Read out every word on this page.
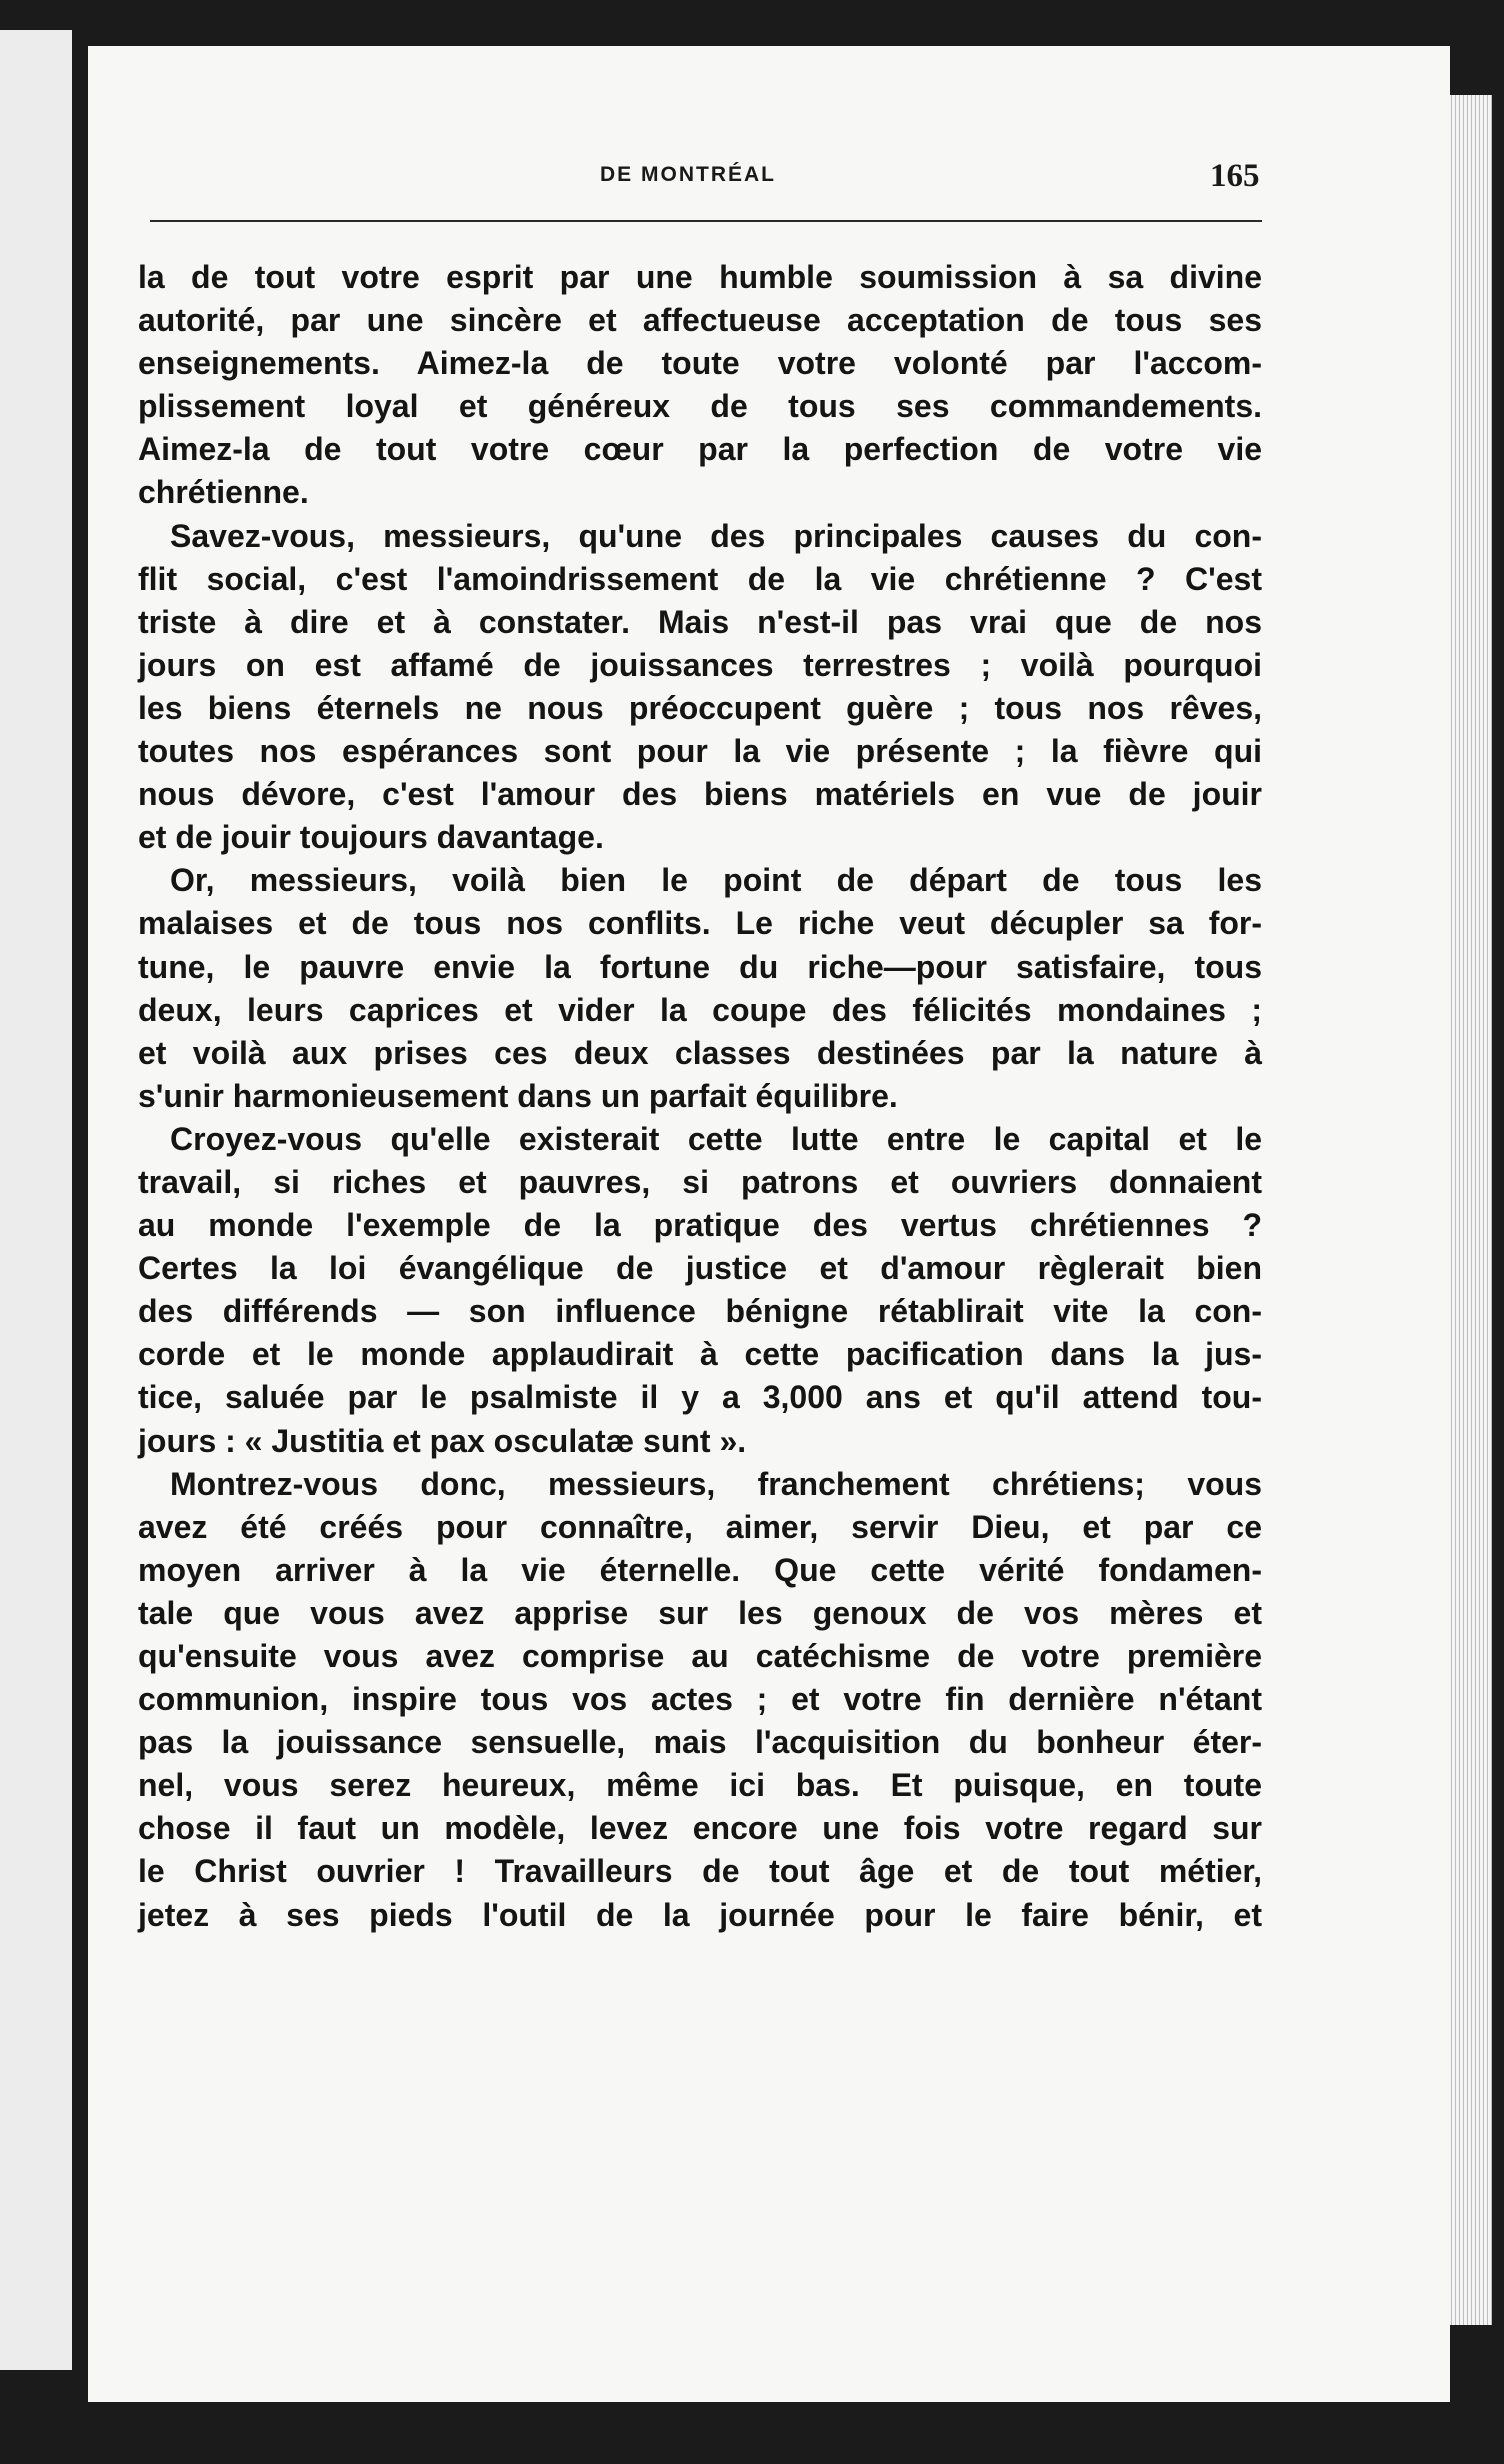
DE MONTRÉAL	165
la de tout votre esprit par une humble soumission à sa divine
autorité, par une sincère et affectueuse acceptation de tous ses
enseignements. Aimez-la de toute votre volonté par l'accom-
plissement loyal et généreux de tous ses commandements.
Aimez-la de tout votre cœur par la perfection de votre vie
chrétienne.
Savez-vous, messieurs, qu'une des principales causes du con-
flit social, c'est l'amoindrissement de la vie chrétienne ? C'est
triste à dire et à constater. Mais n'est-il pas vrai que de nos
jours on est affamé de jouissances terrestres ; voilà pourquoi
les biens éternels ne nous préoccupent guère ; tous nos rêves,
toutes nos espérances sont pour la vie présente ; la fièvre qui
nous dévore, c'est l'amour des biens matériels en vue de jouir
et de jouir toujours davantage.
Or, messieurs, voilà bien le point de départ de tous les
malaises et de tous nos conflits. Le riche veut décupler sa for-
tune, le pauvre envie la fortune du riche—pour satisfaire, tous
deux, leurs caprices et vider la coupe des félicités mondaines ;
et voilà aux prises ces deux classes destinées par la nature à
s'unir harmonieusement dans un parfait équilibre.
Croyez-vous qu'elle existerait cette lutte entre le capital et le
travail, si riches et pauvres, si patrons et ouvriers donnaient
au monde l'exemple de la pratique des vertus chrétiennes ?
Certes la loi évangélique de justice et d'amour règlerait bien
des différends — son influence bénigne rétablirait vite la con-
corde et le monde applaudirait à cette pacification dans la jus-
tice, saluée par le psalmiste il y a 3,000 ans et qu'il attend tou-
jours : « Justitia et pax osculatæ sunt ».
Montrez-vous donc, messieurs, franchement chrétiens; vous
avez été créés pour connaître, aimer, servir Dieu, et par ce
moyen arriver à la vie éternelle. Que cette vérité fondamen-
tale que vous avez apprise sur les genoux de vos mères et
qu'ensuite vous avez comprise au catéchisme de votre première
communion, inspire tous vos actes ; et votre fin dernière n'étant
pas la jouissance sensuelle, mais l'acquisition du bonheur éter-
nel, vous serez heureux, même ici bas. Et puisque, en toute
chose il faut un modèle, levez encore une fois votre regard sur
le Christ ouvrier ! Travailleurs de tout âge et de tout métier,
jetez à ses pieds l'outil de la journée pour le faire bénir, et
